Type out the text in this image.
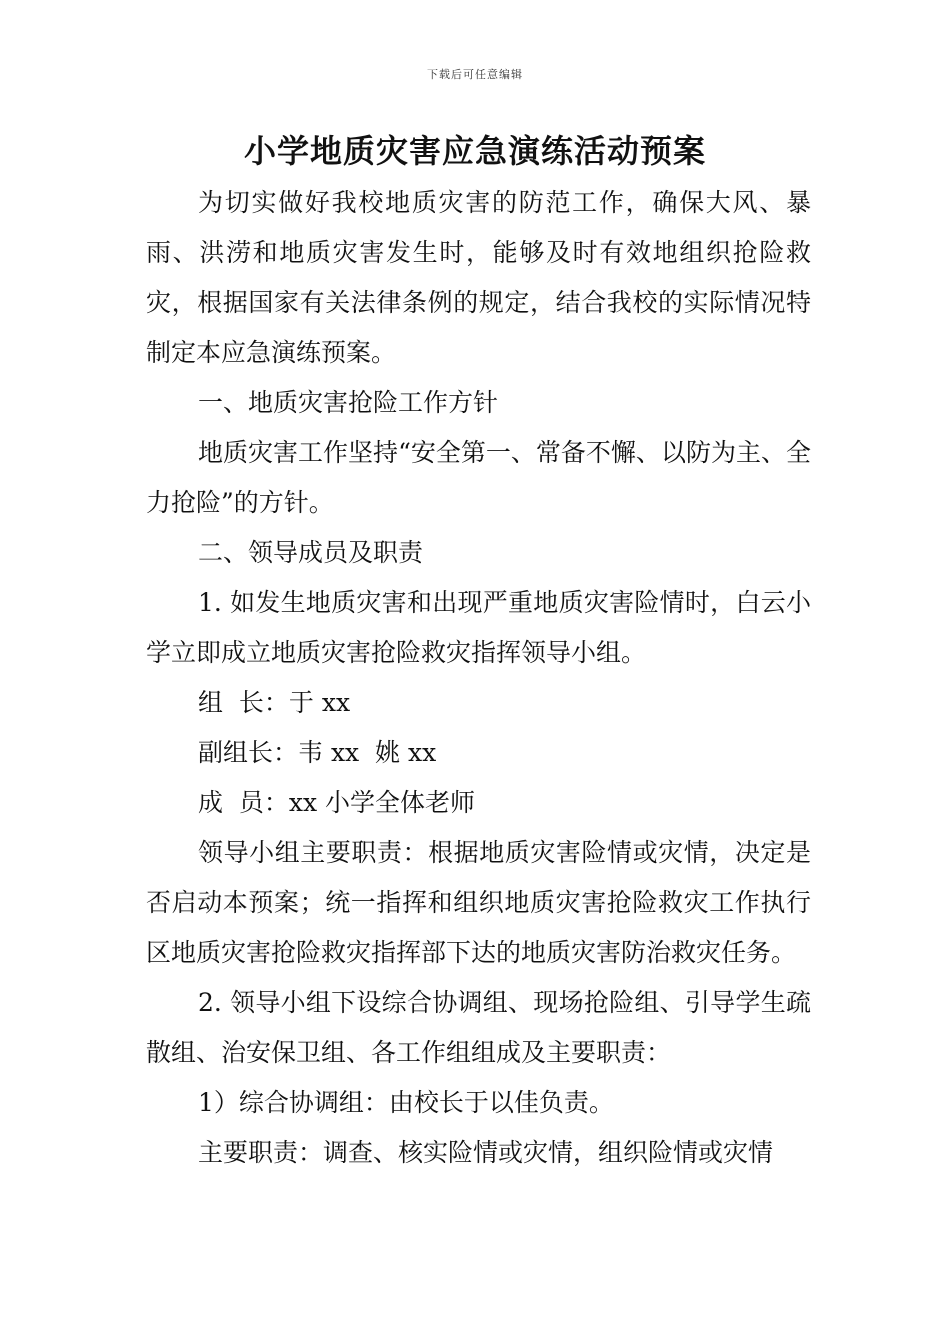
下载后可任意编辑
小学地质灾害应急演练活动预案

为切实做好我校地质灾害的防范工作，确保大风、暴雨、洪涝和地质灾害发生时，能够及时有效地组织抢险救灾，根据国家有关法律条例的规定，结合我校的实际情况特制定本应急演练预案。

一、地质灾害抢险工作方针

地质灾害工作坚持“安全第一、常备不懈、以防为主、全力抢险”的方针。

二、领导成员及职责

1. 如发生地质灾害和出现严重地质灾害险情时，白云小学立即成立地质灾害抢险救灾指挥领导小组。

组  长：于 xx

副组长：韦 xx  姚 xx

成  员：xx 小学全体老师

领导小组主要职责：根据地质灾害险情或灾情，决定是否启动本预案；统一指挥和组织地质灾害抢险救灾工作执行区地质灾害抢险救灾指挥部下达的地质灾害防治救灾任务。

2. 领导小组下设综合协调组、现场抢险组、引导学生疏散组、治安保卫组、各工作组组成及主要职责：

1）综合协调组：由校长于以佳负责。

主要职责：调查、核实险情或灾情，组织险情或灾情
